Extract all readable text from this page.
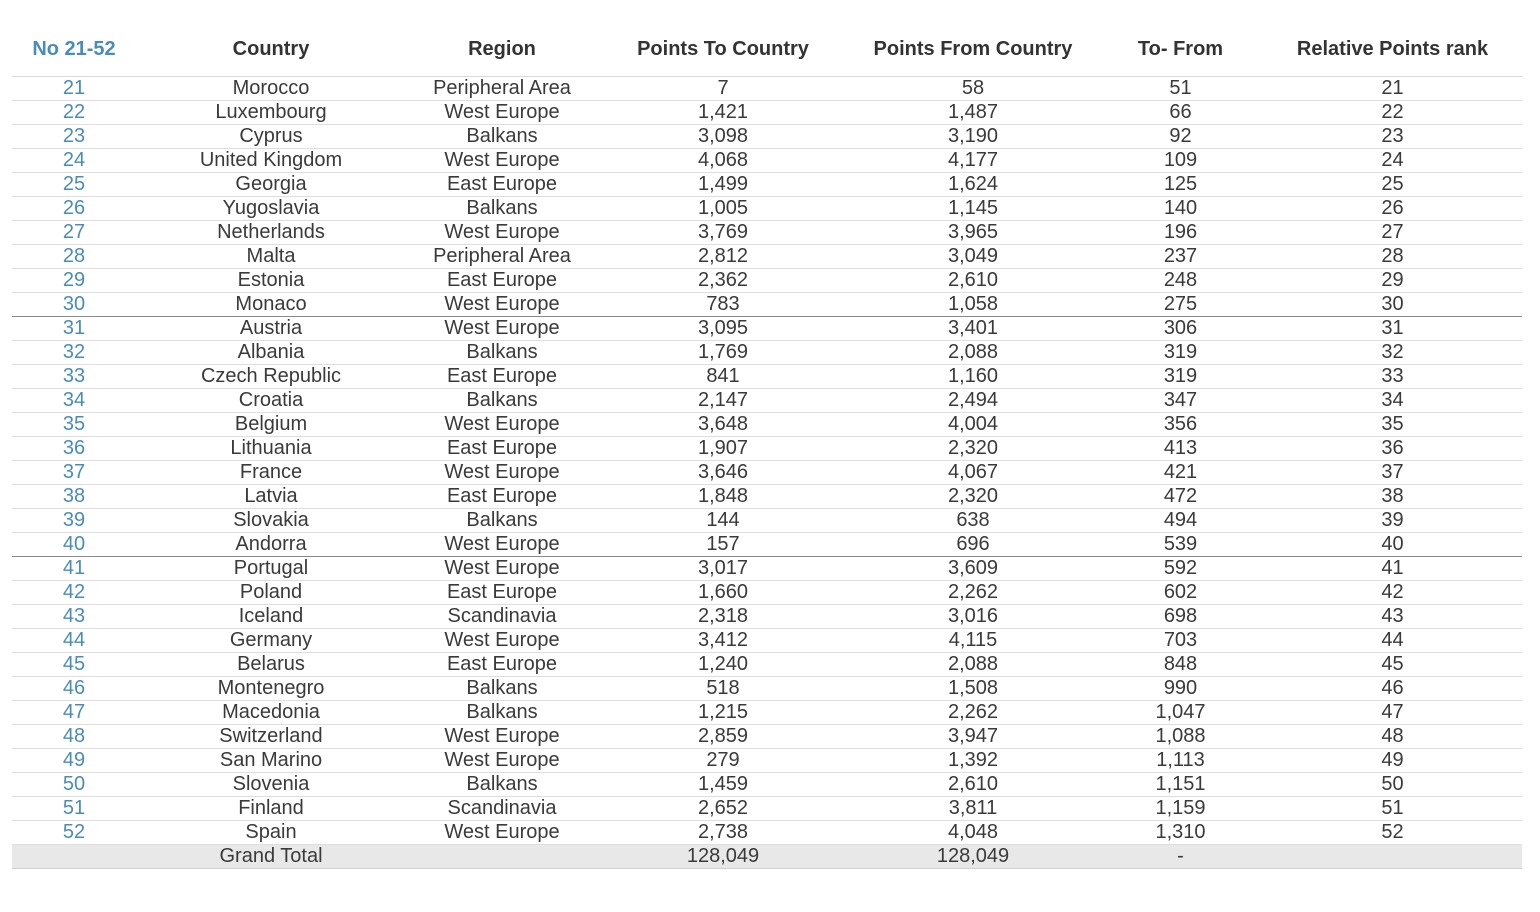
No 21-52	Country	Region	Points To Country	Points From Country	To- From	Relative Points rank
21	Morocco	Peripheral Area	7	58	51	21
22	Luxembourg	West Europe	1,421	1,487	66	22
23	Cyprus	Balkans	3,098	3,190	92	23
24	United Kingdom	West Europe	4,068	4,177	109	24
25	Georgia	East Europe	1,499	1,624	125	25
26	Yugoslavia	Balkans	1,005	1,145	140	26
27	Netherlands	West Europe	3,769	3,965	196	27
28	Malta	Peripheral Area	2,812	3,049	237	28
29	Estonia	East Europe	2,362	2,610	248	29
30	Monaco	West Europe	783	1,058	275	30
31	Austria	West Europe	3,095	3,401	306	31
32	Albania	Balkans	1,769	2,088	319	32
33	Czech Republic	East Europe	841	1,160	319	33
34	Croatia	Balkans	2,147	2,494	347	34
35	Belgium	West Europe	3,648	4,004	356	35
36	Lithuania	East Europe	1,907	2,320	413	36
37	France	West Europe	3,646	4,067	421	37
38	Latvia	East Europe	1,848	2,320	472	38
39	Slovakia	Balkans	144	638	494	39
40	Andorra	West Europe	157	696	539	40
41	Portugal	West Europe	3,017	3,609	592	41
42	Poland	East Europe	1,660	2,262	602	42
43	Iceland	Scandinavia	2,318	3,016	698	43
44	Germany	West Europe	3,412	4,115	703	44
45	Belarus	East Europe	1,240	2,088	848	45
46	Montenegro	Balkans	518	1,508	990	46
47	Macedonia	Balkans	1,215	2,262	1,047	47
48	Switzerland	West Europe	2,859	3,947	1,088	48
49	San Marino	West Europe	279	1,392	1,113	49
50	Slovenia	Balkans	1,459	2,610	1,151	50
51	Finland	Scandinavia	2,652	3,811	1,159	51
52	Spain	West Europe	2,738	4,048	1,310	52
	Grand Total		128,049	128,049	-	
